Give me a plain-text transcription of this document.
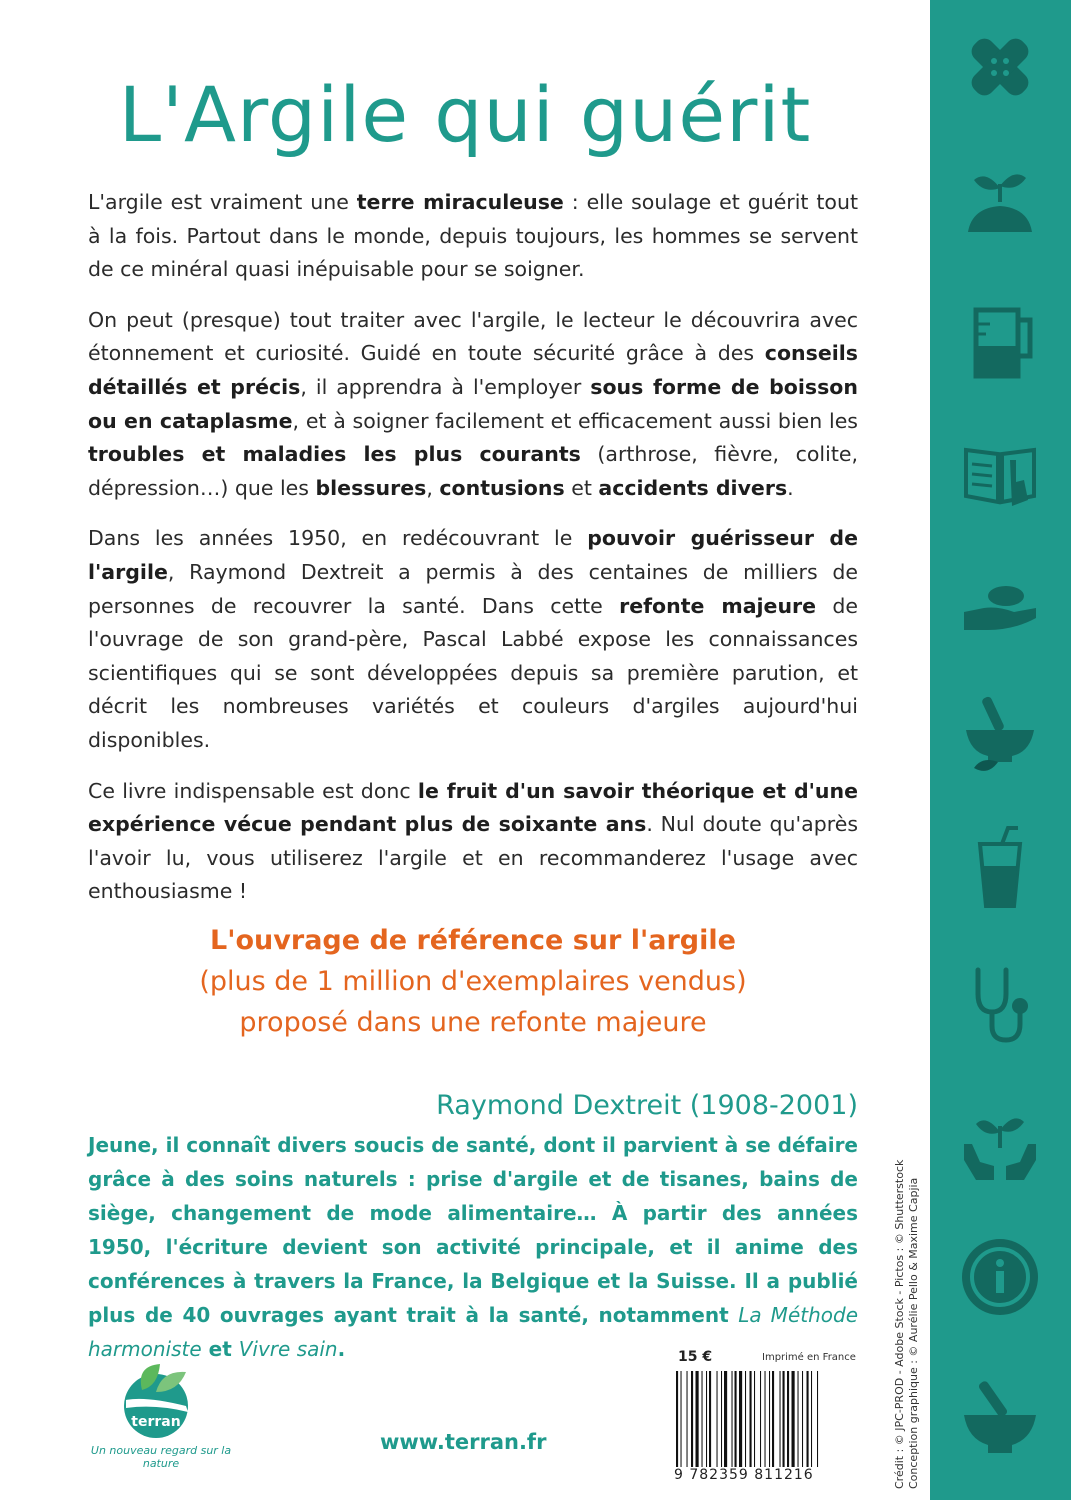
L'Argile qui guérit

L'argile est vraiment une terre miraculeuse : elle soulage et guérit tout à la fois. Partout dans le monde, depuis toujours, les hommes se servent de ce minéral quasi inépuisable pour se soigner.

On peut (presque) tout traiter avec l'argile, le lecteur le découvrira avec étonnement et curiosité. Guidé en toute sécurité grâce à des conseils détaillés et précis, il apprendra à l'employer sous forme de boisson ou en cataplasme, et à soigner facilement et efficacement aussi bien les troubles et maladies les plus courants (arthrose, fièvre, colite, dépression…) que les blessures, contusions et accidents divers.

Dans les années 1950, en redécouvrant le pouvoir guérisseur de l'argile, Raymond Dextreit a permis à des centaines de milliers de personnes de recouvrer la santé. Dans cette refonte majeure de l'ouvrage de son grand-père, Pascal Labbé expose les connaissances scientifiques qui se sont développées depuis sa première parution, et décrit les nombreuses variétés et couleurs d'argiles aujourd'hui disponibles.

Ce livre indispensable est donc le fruit d'un savoir théorique et d'une expérience vécue pendant plus de soixante ans. Nul doute qu'après l'avoir lu, vous utiliserez l'argile et en recommanderez l'usage avec enthousiasme !

L'ouvrage de référence sur l'argile
(plus de 1 million d'exemplaires vendus)
proposé dans une refonte majeure
Raymond Dextreit (1908-2001)
Jeune, il connaît divers soucis de santé, dont il parvient à se défaire grâce à des soins naturels : prise d'argile et de tisanes, bains de siège, changement de mode alimentaire… À partir des années 1950, l'écriture devient son activité principale, et il anime des conférences à travers la France, la Belgique et la Suisse. Il a publié plus de 40 ouvrages ayant trait à la santé, notamment La Méthode harmoniste et Vivre sain.
terran
Un nouveau regard sur la nature
www.terran.fr
15 €	Imprimé en France
9 782359 811216	Crédit : © JPC-PROD - Adobe Stock - Pictos : © Shutterstock Conception graphique : © Aurélie Pello & Maxime Capjia
